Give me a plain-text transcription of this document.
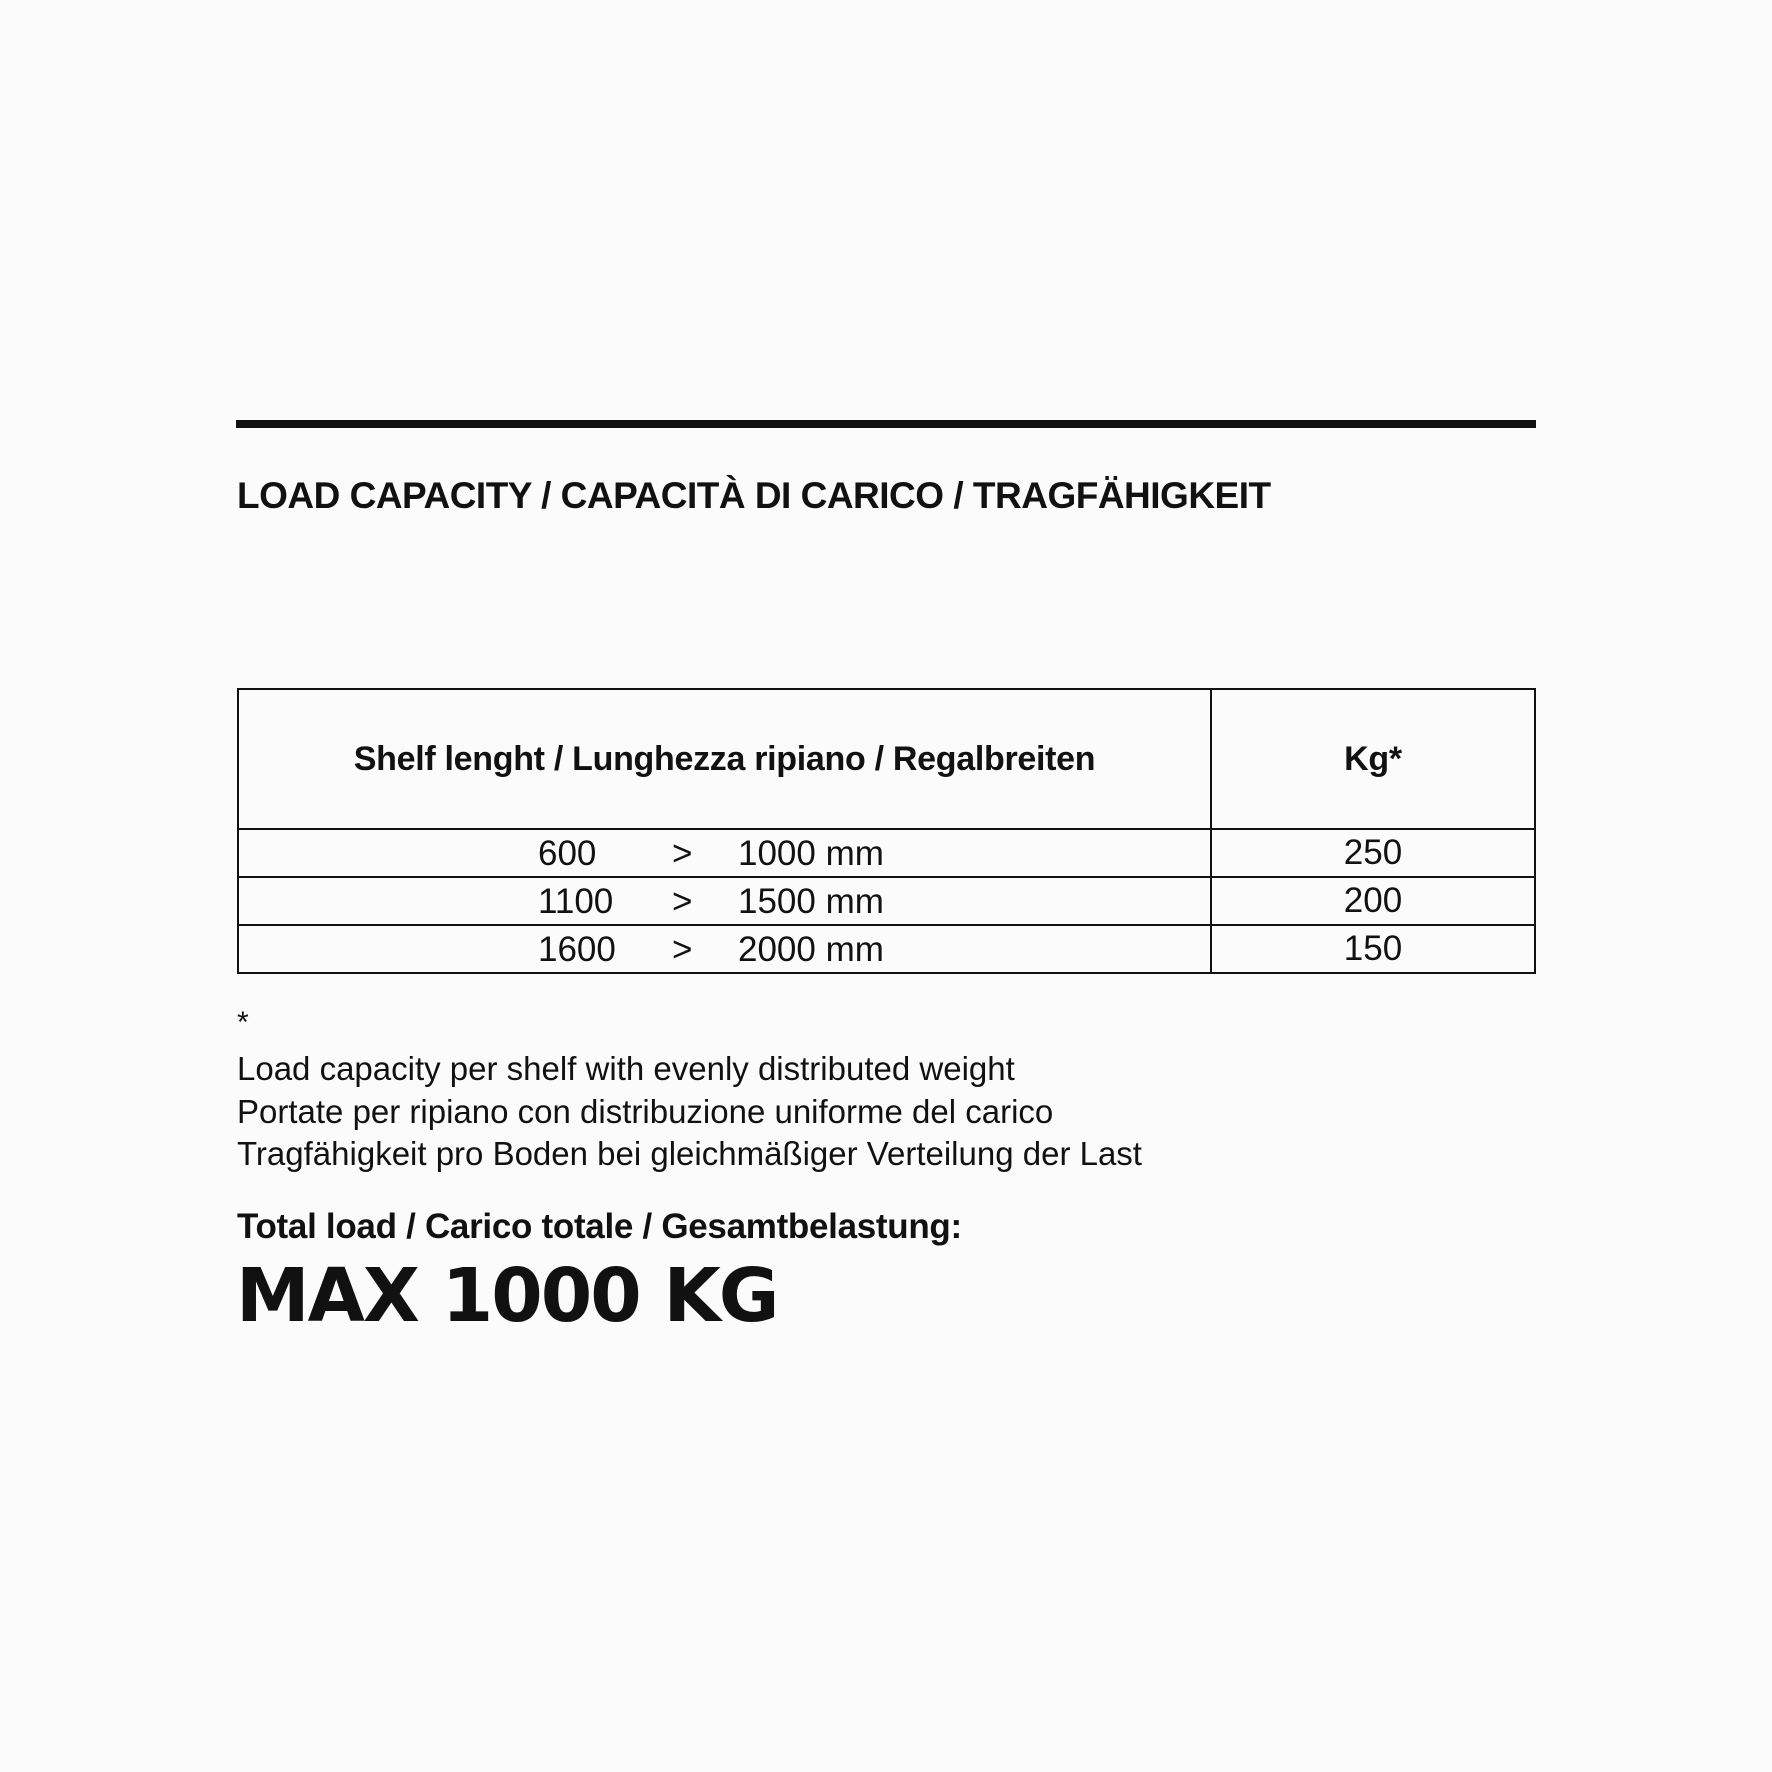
LOAD CAPACITY / CAPACITÀ DI CARICO / TRAGFÄHIGKEIT
Shelf lenght / Lunghezza ripiano / Regalbreiten	Kg*

600 > 1000 mm	250

1100 > 1500 mm	200

1600 > 2000 mm	150
*
Load capacity per shelf with evenly distributed weight
Portate per ripiano con distribuzione uniforme del carico
Tragfähigkeit pro Boden bei gleichmäßiger Verteilung der Last
Total load / Carico totale / Gesamtbelastung:
MAX 1000 KG
